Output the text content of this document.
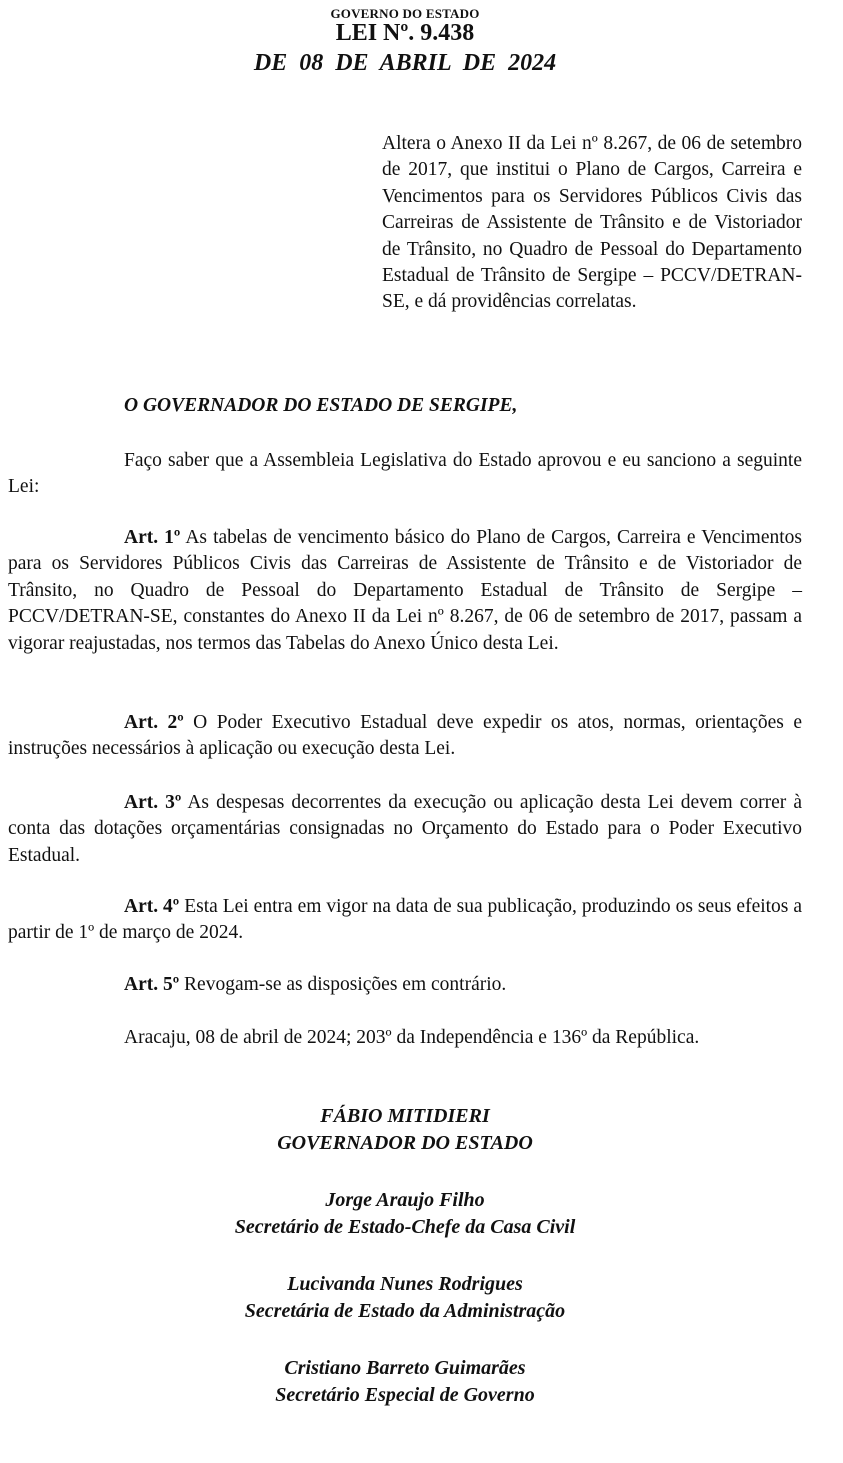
GOVERNO DO ESTADO
LEI Nº. 9.438
DE 08 DE ABRIL DE 2024
Altera o Anexo II da Lei nº 8.267, de 06 de setembro de 2017, que institui o Plano de Cargos, Carreira e Vencimentos para os Servidores Públicos Civis das Carreiras de Assistente de Trânsito e de Vistoriador de Trânsito, no Quadro de Pessoal do Departamento Estadual de Trânsito de Sergipe – PCCV/DETRAN-SE, e dá providências correlatas.
O GOVERNADOR DO ESTADO DE SERGIPE,

Faço saber que a Assembleia Legislativa do Estado aprovou e eu sanciono a seguinte Lei:

Art. 1º As tabelas de vencimento básico do Plano de Cargos, Carreira e Vencimentos para os Servidores Públicos Civis das Carreiras de Assistente de Trânsito e de Vistoriador de Trânsito, no Quadro de Pessoal do Departamento Estadual de Trânsito de Sergipe – PCCV/DETRAN-SE, constantes do Anexo II da Lei nº 8.267, de 06 de setembro de 2017, passam a vigorar reajustadas, nos termos das Tabelas do Anexo Único desta Lei.

Art. 2º O Poder Executivo Estadual deve expedir os atos, normas, orientações e instruções necessários à aplicação ou execução desta Lei.

Art. 3º As despesas decorrentes da execução ou aplicação desta Lei devem correr à conta das dotações orçamentárias consignadas no Orçamento do Estado para o Poder Executivo Estadual.

Art. 4º Esta Lei entra em vigor na data de sua publicação, produzindo os seus efeitos a partir de 1º de março de 2024.

Art. 5º Revogam-se as disposições em contrário.

Aracaju, 08 de abril de 2024; 203º da Independência e 136º da República.

FÁBIO MITIDIERI
GOVERNADOR DO ESTADO
Jorge Araujo Filho
Secretário de Estado-Chefe da Casa Civil
Lucivanda Nunes Rodrigues
Secretária de Estado da Administração
Cristiano Barreto Guimarães
Secretário Especial de Governo
